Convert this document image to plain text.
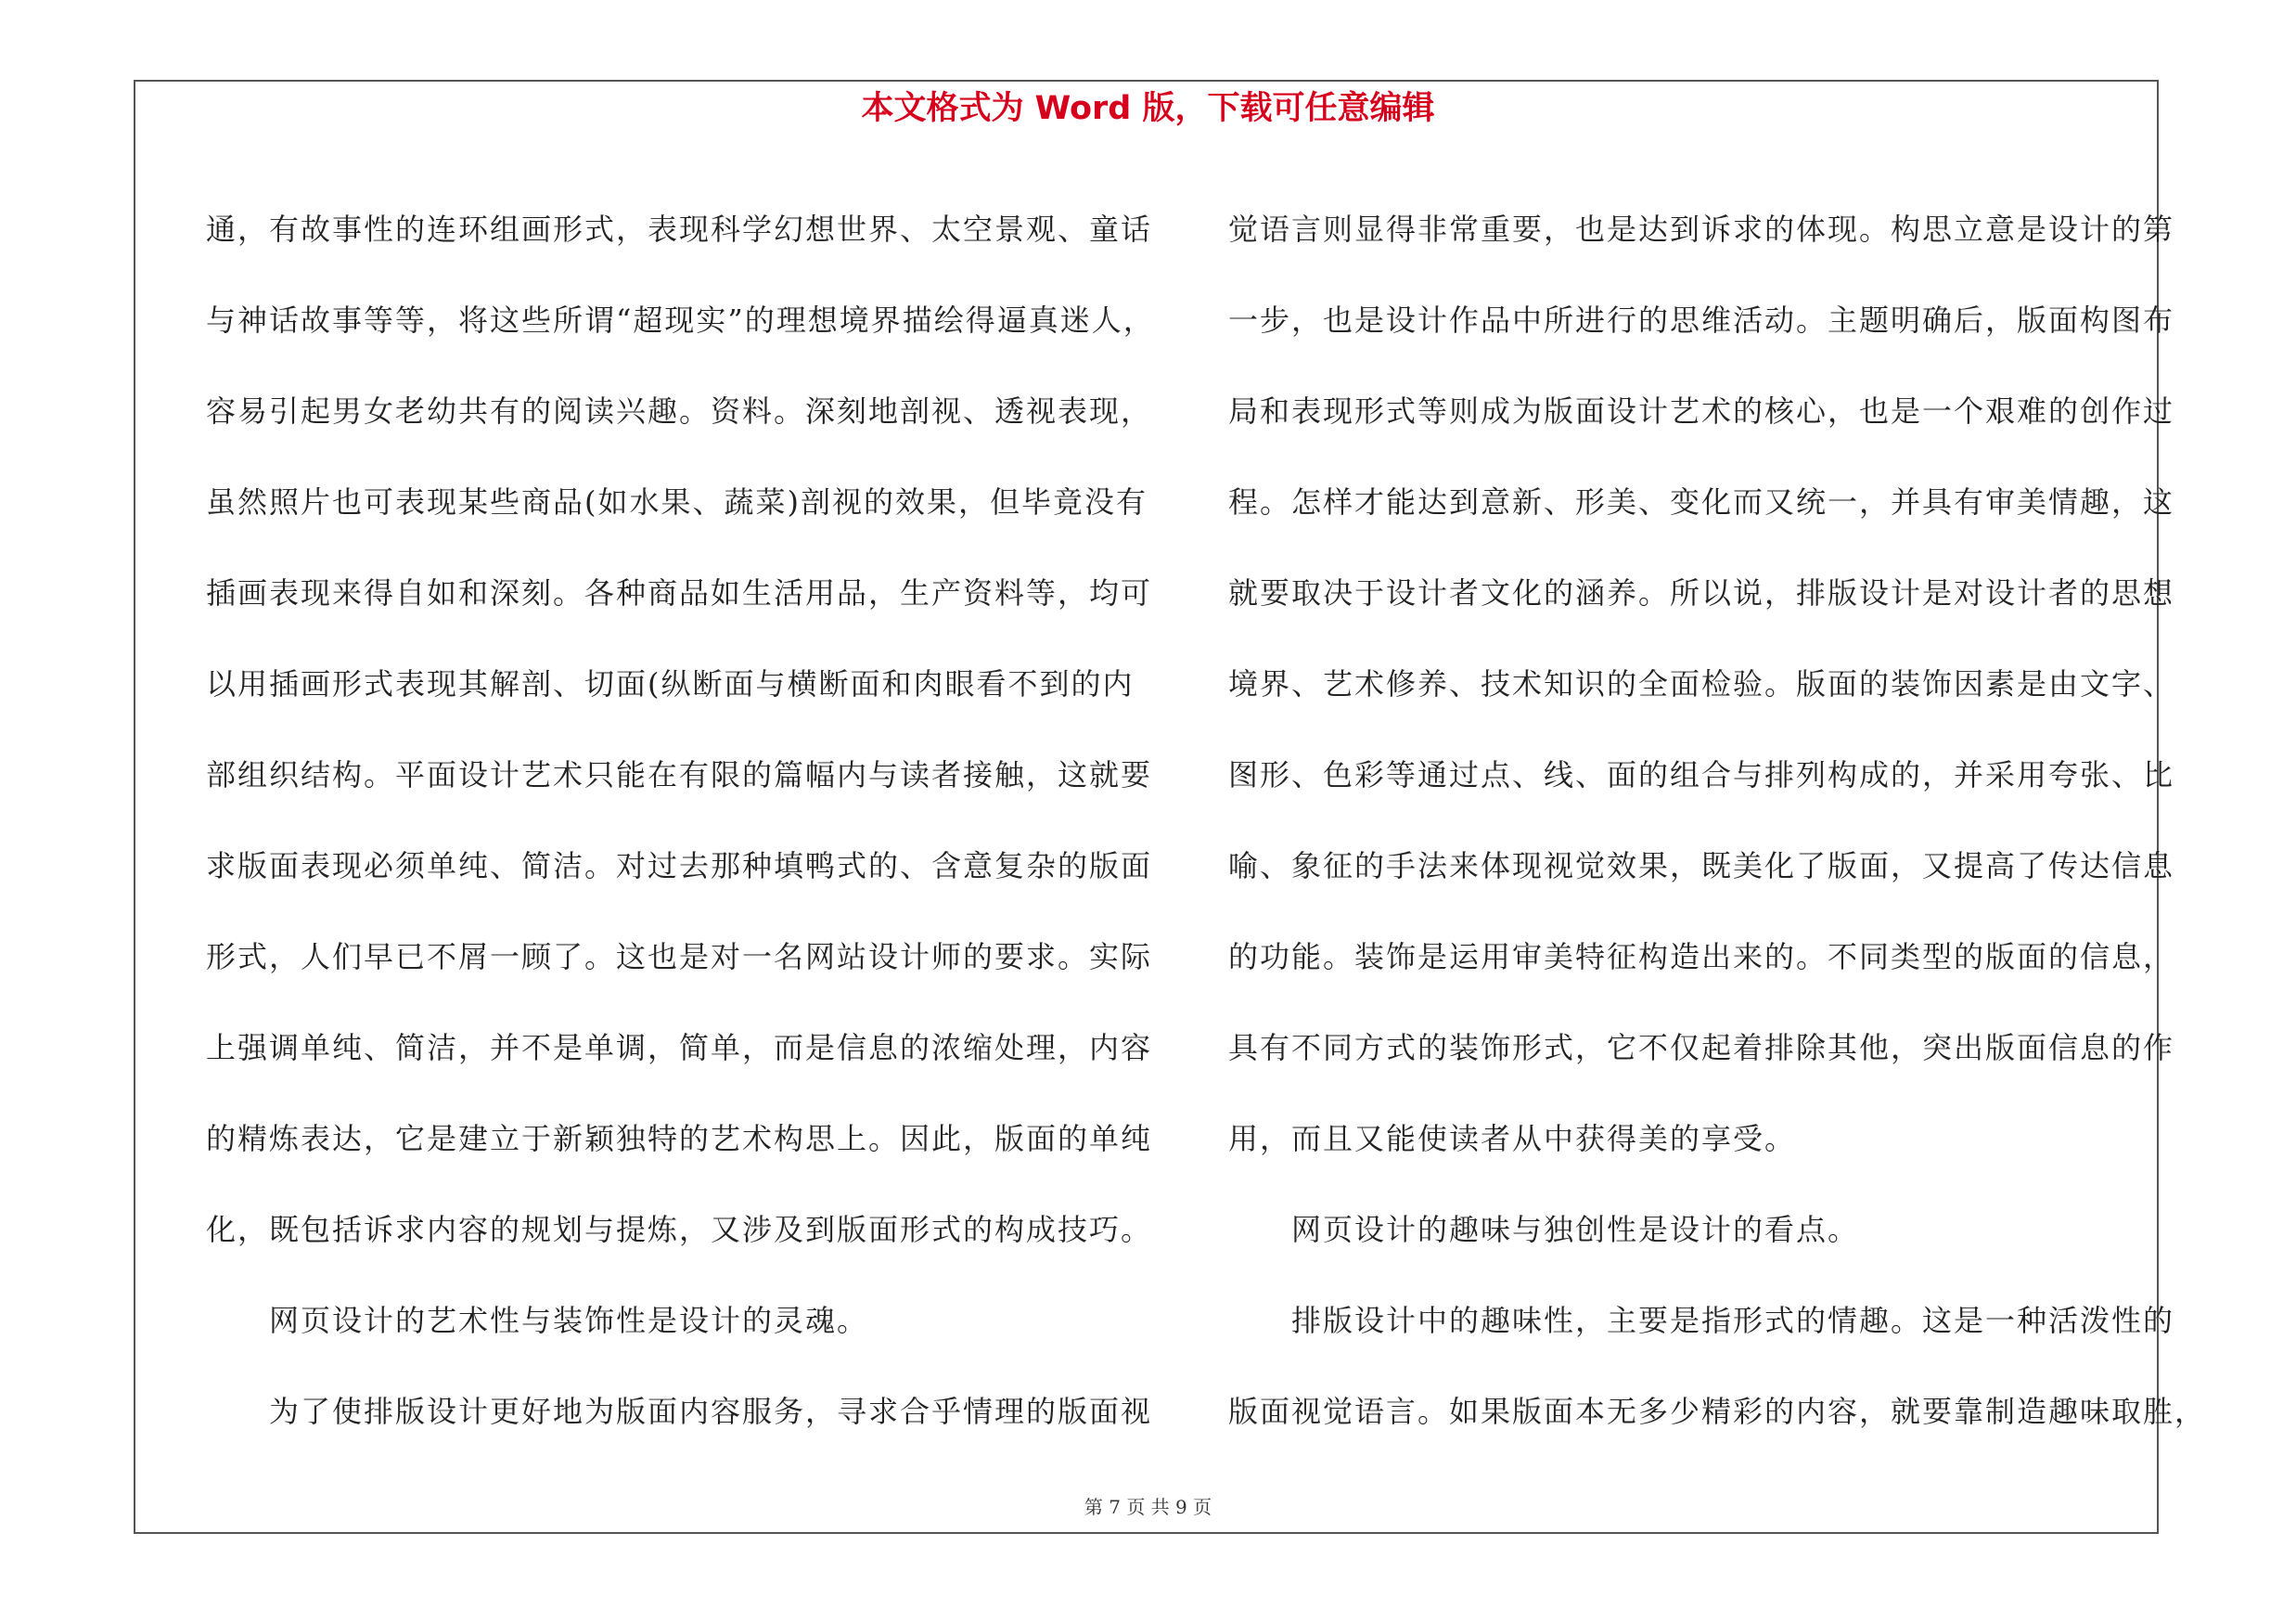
本文格式为 Word 版，下载可任意编辑
通，有故事性的连环组画形式，表现科学幻想世界、太空景观、童话
与神话故事等等，将这些所谓“超现实”的理想境界描绘得逼真迷人，
容易引起男女老幼共有的阅读兴趣。资料。深刻地剖视、透视表现，
虽然照片也可表现某些商品(如水果、蔬菜)剖视的效果，但毕竟没有
插画表现来得自如和深刻。各种商品如生活用品，生产资料等，均可
以用插画形式表现其解剖、切面(纵断面与横断面和肉眼看不到的内
部组织结构。平面设计艺术只能在有限的篇幅内与读者接触，这就要
求版面表现必须单纯、简洁。对过去那种填鸭式的、含意复杂的版面
形式，人们早已不屑一顾了。这也是对一名网站设计师的要求。实际
上强调单纯、简洁，并不是单调，简单，而是信息的浓缩处理，内容
的精炼表达，它是建立于新颖独特的艺术构思上。因此，版面的单纯
化，既包括诉求内容的规划与提炼，又涉及到版面形式的构成技巧。
网页设计的艺术性与装饰性是设计的灵魂。
为了使排版设计更好地为版面内容服务，寻求合乎情理的版面视
觉语言则显得非常重要，也是达到诉求的体现。构思立意是设计的第
一步，也是设计作品中所进行的思维活动。主题明确后，版面构图布
局和表现形式等则成为版面设计艺术的核心，也是一个艰难的创作过
程。怎样才能达到意新、形美、变化而又统一，并具有审美情趣，这
就要取决于设计者文化的涵养。所以说，排版设计是对设计者的思想
境界、艺术修养、技术知识的全面检验。版面的装饰因素是由文字、
图形、色彩等通过点、线、面的组合与排列构成的，并采用夸张、比
喻、象征的手法来体现视觉效果，既美化了版面，又提高了传达信息
的功能。装饰是运用审美特征构造出来的。不同类型的版面的信息，
具有不同方式的装饰形式，它不仅起着排除其他，突出版面信息的作
用，而且又能使读者从中获得美的享受。
网页设计的趣味与独创性是设计的看点。
排版设计中的趣味性，主要是指形式的情趣。这是一种活泼性的
版面视觉语言。如果版面本无多少精彩的内容，就要靠制造趣味取胜，
第 7 页 共 9 页
